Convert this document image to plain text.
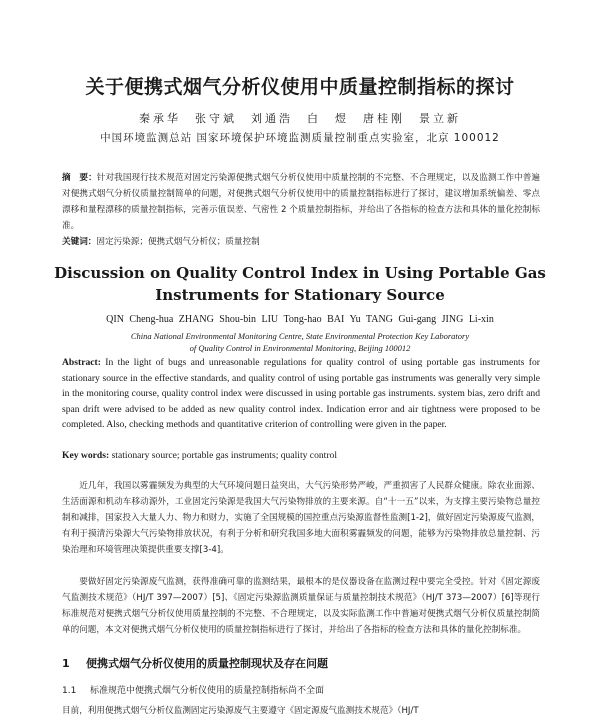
关于便携式烟气分析仪使用中质量控制指标的探讨
秦承华　张守斌　刘通浩　白　煜　唐桂刚　景立新
中国环境监测总站 国家环境保护环境监测质量控制重点实验室，北京 100012
摘　要：针对我国现行技术规范对固定污染源便携式烟气分析仪使用中质量控制的不完整、不合理规定，以及监测工作中普遍对便携式烟气分析仪质量控制简单的问题，对便携式烟气分析仪使用中的质量控制指标进行了探讨，建议增加系统偏差、零点漂移和量程漂移的质量控制指标，完善示值误差、气密性 2 个质量控制指标，并给出了各指标的检查方法和具体的量化控制标准。
关键词：固定污染源；便携式烟气分析仪；质量控制
Discussion on Quality Control Index in Using Portable Gas
Instruments for Stationary Source
QIN Cheng-hua ZHANG Shou-bin LIU Tong-hao BAI Yu TANG Gui-gang JING Li-xin
China National Environmental Monitoring Centre, State Environmental Protection Key Laboratory
of Quality Control in Environmental Monitoring, Beijing 100012
Abstract: In the light of bugs and unreasonable regulations for quality control of using portable gas instruments for stationary source in the effective standards, and quality control of using portable gas instruments was generally very simple in the monitoring course, quality control index were discussed in using portable gas instruments. system bias, zero drift and span drift were advised to be added as new quality control index. Indication error and air tightness were proposed to be completed. Also, checking methods and quantitative criterion of controlling were given in the paper.
Key words: stationary source; portable gas instruments; quality control
近几年，我国以雾霾频发为典型的大气环境问题日益突出，大气污染形势严峻，严重损害了人民群众健康。除农业面源、生活面源和机动车移动源外，工业固定污染源是我国大气污染物排放的主要来源。自“十一五”以来，为支撑主要污染物总量控制和减排，国家投入大量人力、物力和财力，实施了全国规模的国控重点污染源监督性监测[1-2]，做好固定污染源废气监测，有利于摸清污染源大气污染物排放状况，有利于分析和研究我国多地大面积雾霾频发的问题，能够为污染物排放总量控制、污染治理和环境管理决策提供重要支撑[3-4]。
要做好固定污染源废气监测，获得准确可靠的监测结果，最根本的是仪器设备在监测过程中要完全受控。针对《固定源废气监测技术规范》（HJ/T 397—2007）[5]、《固定污染源监测质量保证与质量控制技术规范》（HJ/T 373—2007）[6]等现行标准规范对便携式烟气分析仪使用质量控制的不完整、不合理规定，以及实际监测工作中普遍对便携式烟气分析仪质量控制简单的问题，本文对便携式烟气分析仪使用的质量控制指标进行了探讨，并给出了各指标的检查方法和具体的量化控制标准。
1 便携式烟气分析仪使用的质量控制现状及存在问题
1.1 标准规范中便携式烟气分析仪使用的质量控制指标尚不全面
目前，利用便携式烟气分析仪监测固定污染源废气主要遵守《固定源废气监测技术规范》（HJ/T
